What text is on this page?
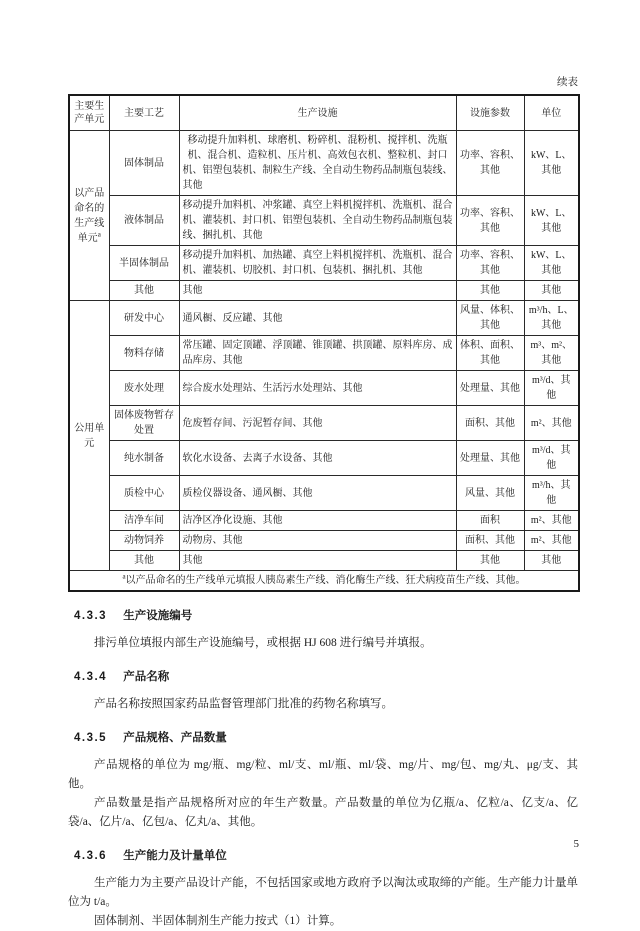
续表
主要生产单元	主要工艺	生产设施	设施参数	单位
以产品命名的生产线单元$^a$	固体制品	移动提升加料机、球磨机、粉碎机、混粉机、搅拌机、洗瓶机、混合机、造粒机、压片机、高效包衣机、整粒机、封口机、铝塑包装机、制粒生产线、全自动生物药品制瓶包装线、其他	功率、容积、其他	kW、L、其他
	液体制品	移动提升加料机、冲浆罐、真空上料机搅拌机、洗瓶机、混合机、灌装机、封口机、铝塑包装机、全自动生物药品制瓶包装线、捆扎机、其他	功率、容积、其他	kW、L、其他
	半固体制品	移动提升加料机、加热罐、真空上料机搅拌机、洗瓶机、混合机、灌装机、切胶机、封口机、包装机、捆扎机、其他	功率、容积、其他	kW、L、其他
	其他	其他	其他	其他
公用单元	研发中心	通风橱、反应罐、其他	风量、体积、其他	m³/h、L、其他
	物料存储	常压罐、固定顶罐、浮顶罐、锥顶罐、拱顶罐、原料库房、成品库房、其他	体积、面积、其他	m³、m²、其他
	废水处理	综合废水处理站、生活污水处理站、其他	处理量、其他	m³/d、其他
	固体废物暂存处置	危废暂存间、污泥暂存间、其他	面积、其他	m²、其他
	纯水制备	软化水设备、去离子水设备、其他	处理量、其他	m³/d、其他
	质检中心	质检仪器设备、通风橱、其他	风量、其他	m³/h、其他
	洁净车间	洁净区净化设施、其他	面积	m²、其他
	动物饲养	动物房、其他	面积、其他	m²、其他
	其他	其他	其他	其他
$^a$以产品命名的生产线单元填报人胰岛素生产线、消化酶生产线、狂犬病疫苗生产线、其他。				
4.3.3 生产设施编号

排污单位填报内部生产设施编号，或根据 HJ 608 进行编号并填报。

4.3.4 产品名称

产品名称按照国家药品监督管理部门批准的药物名称填写。

4.3.5 产品规格、产品数量

产品规格的单位为 mg/瓶、mg/粒、ml/支、ml/瓶、ml/袋、mg/片、mg/包、mg/丸、μg/支、其他。

产品数量是指产品规格所对应的年生产数量。产品数量的单位为亿瓶/a、亿粒/a、亿支/a、亿袋/a、亿片/a、亿包/a、亿丸/a、其他。

4.3.6 生产能力及计量单位

生产能力为主要产品设计产能，不包括国家或地方政府予以淘汰或取缔的产能。生产能力计量单位为 t/a。

固体制剂、半固体制剂生产能力按式（1）计算。

5
